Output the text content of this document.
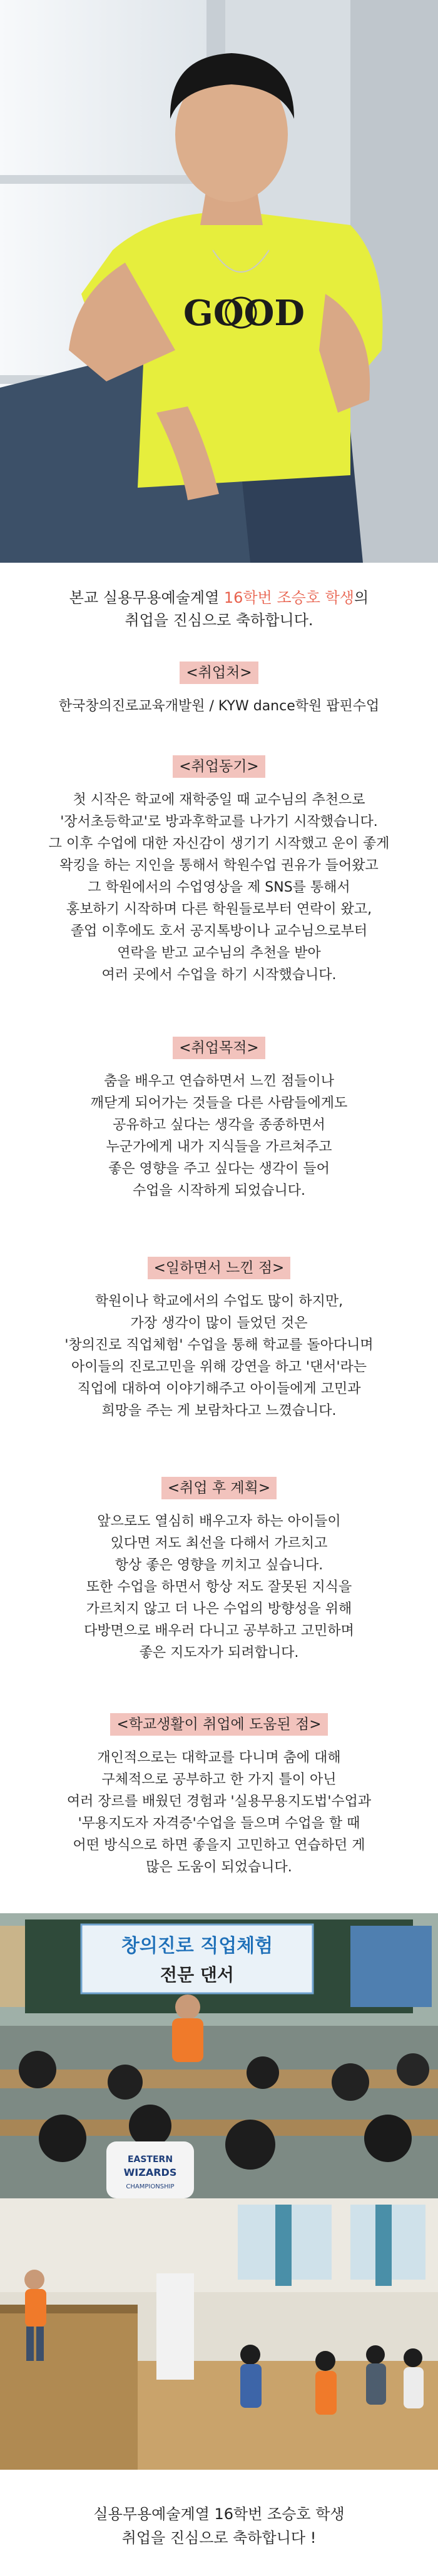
GOOD

본교 실용무용예술계열 16학번 조승호 학생의

취업을 진심으로 축하합니다.

<취업처>

한국창의진로교육개발원 / KYW dance학원 팝핀수업

<취업동기>

첫 시작은 학교에 재학중일 때 교수님의 추천으로

'장서초등학교'로 방과후학교를 나가기 시작했습니다.

그 이후 수업에 대한 자신감이 생기기 시작했고 운이 좋게

왁킹을 하는 지인을 통해서 학원수업 권유가 들어왔고

그 학원에서의 수업영상을 제 SNS를 통해서

홍보하기 시작하며 다른 학원들로부터 연락이 왔고,

졸업 이후에도 호서 공지톡방이나 교수님으로부터

연락을 받고 교수님의 추천을 받아

여러 곳에서 수업을 하기 시작했습니다.

<취업목적>

춤을 배우고 연습하면서 느낀 점들이나

깨닫게 되어가는 것들을 다른 사람들에게도

공유하고 싶다는 생각을 종종하면서

누군가에게 내가 지식들을 가르쳐주고

좋은 영향을 주고 싶다는 생각이 들어

수업을 시작하게 되었습니다.

<일하면서 느낀 점>

학원이나 학교에서의 수업도 많이 하지만,

가장 생각이 많이 들었던 것은

'창의진로 직업체험' 수업을 통해 학교를 돌아다니며

아이들의 진로고민을 위해 강연을 하고 '댄서'라는

직업에 대하여 이야기해주고 아이들에게 고민과

희망을 주는 게 보람차다고 느꼈습니다.

<취업 후 계획>

앞으로도 열심히 배우고자 하는 아이들이

있다면 저도 최선을 다해서 가르치고

항상 좋은 영향을 끼치고 싶습니다.

또한 수업을 하면서 항상 저도 잘못된 지식을

가르치지 않고 더 나은 수업의 방향성을 위해

다방면으로 배우러 다니고 공부하고 고민하며

좋은 지도자가 되려합니다.

<학교생활이 취업에 도움된 점>

개인적으로는 대학교를 다니며 춤에 대해

구체적으로 공부하고 한 가지 틀이 아닌

여러 장르를 배웠던 경험과 '실용무용지도법'수업과

'무용지도자 자격증'수업을 들으며 수업을 할 때

어떤 방식으로 하면 좋을지 고민하고 연습하던 게

많은 도움이 되었습니다.

창의진로 직업체험
전문 댄서
EASTERN
WIZARDS
CHAMPIONSHIP

실용무용예술계열 16학번 조승호 학생

취업을 진심으로 축하합니다 !
